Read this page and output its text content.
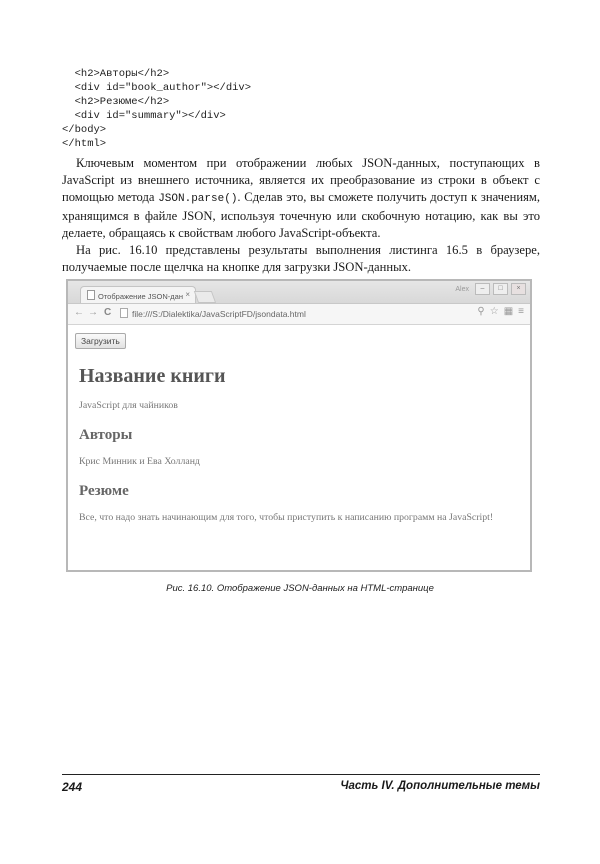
<h2>Авторы</h2>
<div id="book_author"></div>
<h2>Резюме</h2>
<div id="summary"></div>
</body>
</html>

Ключевым моментом при отображении любых JSON-данных, поступающих в JavaScript из внешнего источника, является их преобразование из строки в объект с помощью метода JSON.parse(). Сделав это, вы сможете получить доступ к значениям, хранящимся в файле JSON, используя точечную или скобочную нотацию, как вы это делаете, обращаясь к свойствам любого JavaScript-объекта.

На рис. 16.10 представлены результаты выполнения листинга 16.5 в браузере, получаемые после щелчка на кнопке для загрузки JSON-данных.

Отображение JSON-дан ×
Alex	–	□	×
← → C	file:///S:/Dialektika/JavaScriptFD/jsondata.html	⚲ ☆ ▦ ≡
Загрузить
Название книги
JavaScript для чайников
Авторы
Крис Минник и Ева Холланд
Резюме
Все, что надо знать начинающим для того, чтобы приступить к написанию программ на JavaScript!
Рис. 16.10. Отображение JSON-данных на HTML-странице
244	Часть IV. Дополнительные темы
